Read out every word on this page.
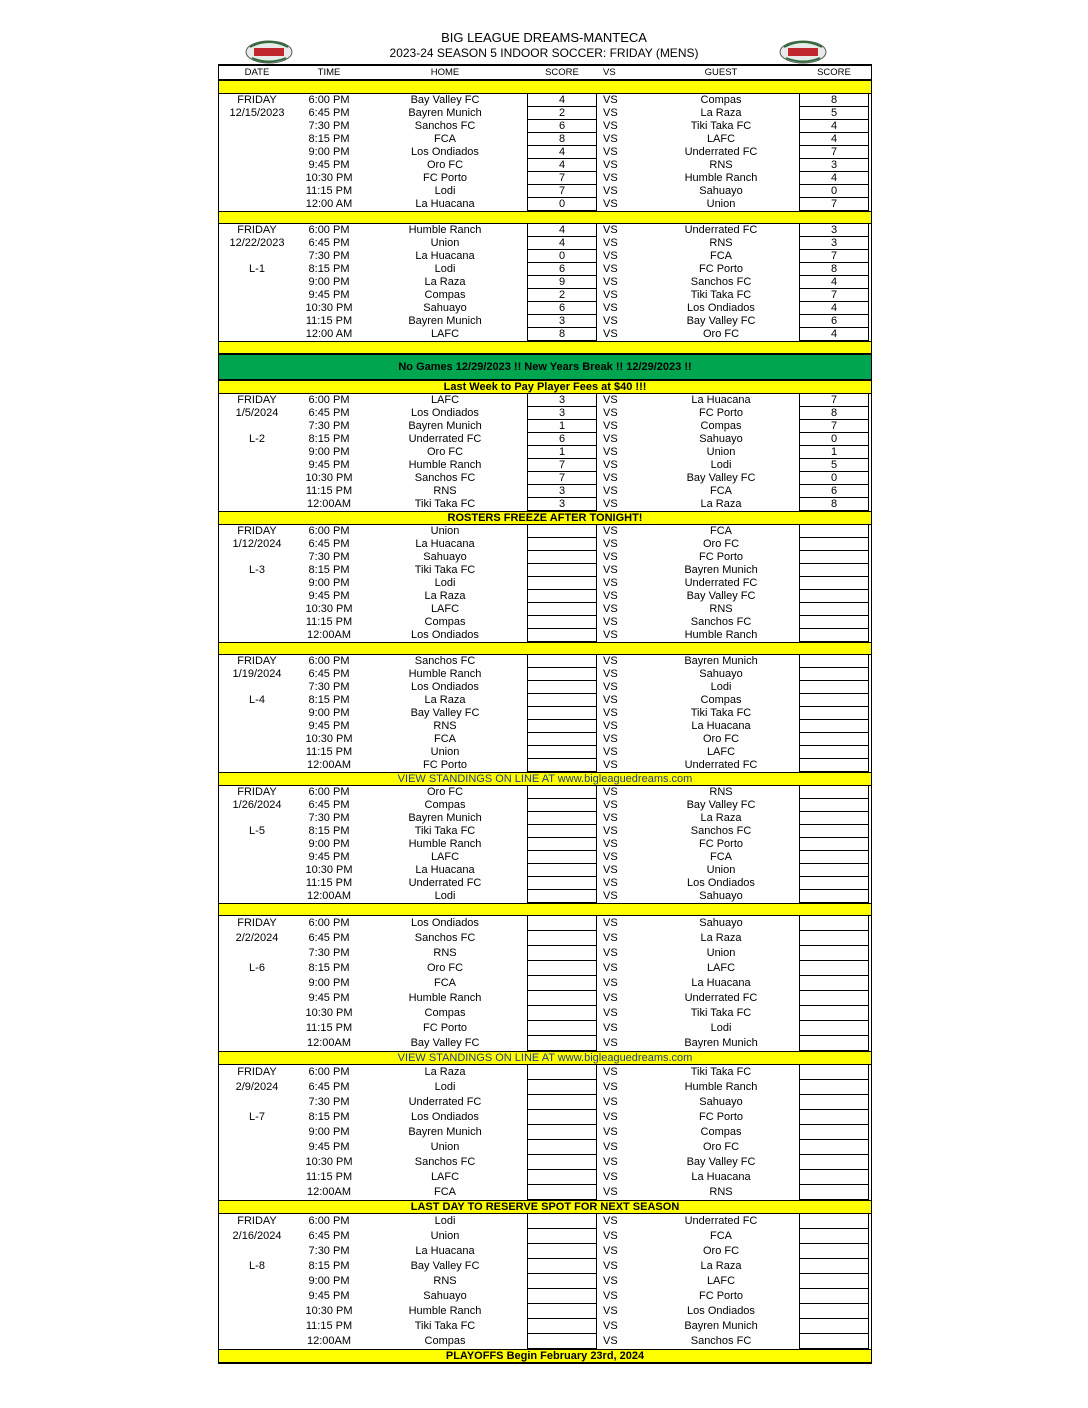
BIG LEAGUE DREAMS-MANTECA
2023-24 SEASON 5 INDOOR SOCCER: FRIDAY (MENS)
DATE	TIME	HOME	SCORE	VS	GUEST	SCORE
FRIDAY	6:00 PM	Bay Valley FC	4	VS	Compas	8
12/15/2023	6:45 PM	Bayren Munich	2	VS	La Raza	5
7:30 PM	Sanchos FC	6	VS	Tiki Taka FC	4
8:15 PM	FCA	8	VS	LAFC	4
9:00 PM	Los Ondiados	4	VS	Underrated FC	7
9:45 PM	Oro FC	4	VS	RNS	3
10:30 PM	FC Porto	7	VS	Humble Ranch	4
11:15 PM	Lodi	7	VS	Sahuayo	0
12:00 AM	La Huacana	0	VS	Union	7
FRIDAY	6:00 PM	Humble Ranch	4	VS	Underrated FC	3
12/22/2023	6:45 PM	Union	4	VS	RNS	3
7:30 PM	La Huacana	0	VS	FCA	7
L-1	8:15 PM	Lodi	6	VS	FC Porto	8
9:00 PM	La Raza	9	VS	Sanchos FC	4
9:45 PM	Compas	2	VS	Tiki Taka FC	7
10:30 PM	Sahuayo	6	VS	Los Ondiados	4
11:15 PM	Bayren Munich	3	VS	Bay Valley FC	6
12:00 AM	LAFC	8	VS	Oro FC	4
No Games 12/29/2023 !! New Years Break !! 12/29/2023 !!
Last Week to Pay Player Fees at $40 !!!
FRIDAY	6:00 PM	LAFC	3	VS	La Huacana	7
1/5/2024	6:45 PM	Los Ondiados	3	VS	FC Porto	8
7:30 PM	Bayren Munich	1	VS	Compas	7
L-2	8:15 PM	Underrated FC	6	VS	Sahuayo	0
9:00 PM	Oro FC	1	VS	Union	1
9:45 PM	Humble Ranch	7	VS	Lodi	5
10:30 PM	Sanchos FC	7	VS	Bay Valley FC	0
11:15 PM	RNS	3	VS	FCA	6
12:00AM	Tiki Taka FC	3	VS	La Raza	8
ROSTERS FREEZE AFTER TONIGHT!
FRIDAY	6:00 PM	Union	VS	FCA
1/12/2024	6:45 PM	La Huacana	VS	Oro FC
7:30 PM	Sahuayo	VS	FC Porto
L-3	8:15 PM	Tiki Taka FC	VS	Bayren Munich
9:00 PM	Lodi	VS	Underrated FC
9:45 PM	La Raza	VS	Bay Valley FC
10:30 PM	LAFC	VS	RNS
11:15 PM	Compas	VS	Sanchos FC
12:00AM	Los Ondiados	VS	Humble Ranch
FRIDAY	6:00 PM	Sanchos FC	VS	Bayren Munich
1/19/2024	6:45 PM	Humble Ranch	VS	Sahuayo
7:30 PM	Los Ondiados	VS	Lodi
L-4	8:15 PM	La Raza	VS	Compas
9:00 PM	Bay Valley FC	VS	Tiki Taka FC
9:45 PM	RNS	VS	La Huacana
10:30 PM	FCA	VS	Oro FC
11:15 PM	Union	VS	LAFC
12:00AM	FC Porto	VS	Underrated FC
VIEW STANDINGS ON LINE AT www.bigleaguedreams.com
FRIDAY	6:00 PM	Oro FC	VS	RNS
1/26/2024	6:45 PM	Compas	VS	Bay Valley FC
7:30 PM	Bayren Munich	VS	La Raza
L-5	8:15 PM	Tiki Taka FC	VS	Sanchos FC
9:00 PM	Humble Ranch	VS	FC Porto
9:45 PM	LAFC	VS	FCA
10:30 PM	La Huacana	VS	Union
11:15 PM	Underrated FC	VS	Los Ondiados
12:00AM	Lodi	VS	Sahuayo
FRIDAY	6:00 PM	Los Ondiados	VS	Sahuayo
2/2/2024	6:45 PM	Sanchos FC	VS	La Raza
7:30 PM	RNS	VS	Union
L-6	8:15 PM	Oro FC	VS	LAFC
9:00 PM	FCA	VS	La Huacana
9:45 PM	Humble Ranch	VS	Underrated FC
10:30 PM	Compas	VS	Tiki Taka FC
11:15 PM	FC Porto	VS	Lodi
12:00AM	Bay Valley FC	VS	Bayren Munich
VIEW STANDINGS ON LINE AT www.bigleaguedreams.com
FRIDAY	6:00 PM	La Raza	VS	Tiki Taka FC
2/9/2024	6:45 PM	Lodi	VS	Humble Ranch
7:30 PM	Underrated FC	VS	Sahuayo
L-7	8:15 PM	Los Ondiados	VS	FC Porto
9:00 PM	Bayren Munich	VS	Compas
9:45 PM	Union	VS	Oro FC
10:30 PM	Sanchos FC	VS	Bay Valley FC
11:15 PM	LAFC	VS	La Huacana
12:00AM	FCA	VS	RNS
LAST DAY TO RESERVE SPOT FOR NEXT SEASON
FRIDAY	6:00 PM	Lodi	VS	Underrated FC
2/16/2024	6:45 PM	Union	VS	FCA
7:30 PM	La Huacana	VS	Oro FC
L-8	8:15 PM	Bay Valley FC	VS	La Raza
9:00 PM	RNS	VS	LAFC
9:45 PM	Sahuayo	VS	FC Porto
10:30 PM	Humble Ranch	VS	Los Ondiados
11:15 PM	Tiki Taka FC	VS	Bayren Munich
12:00AM	Compas	VS	Sanchos FC
PLAYOFFS Begin February 23rd, 2024
